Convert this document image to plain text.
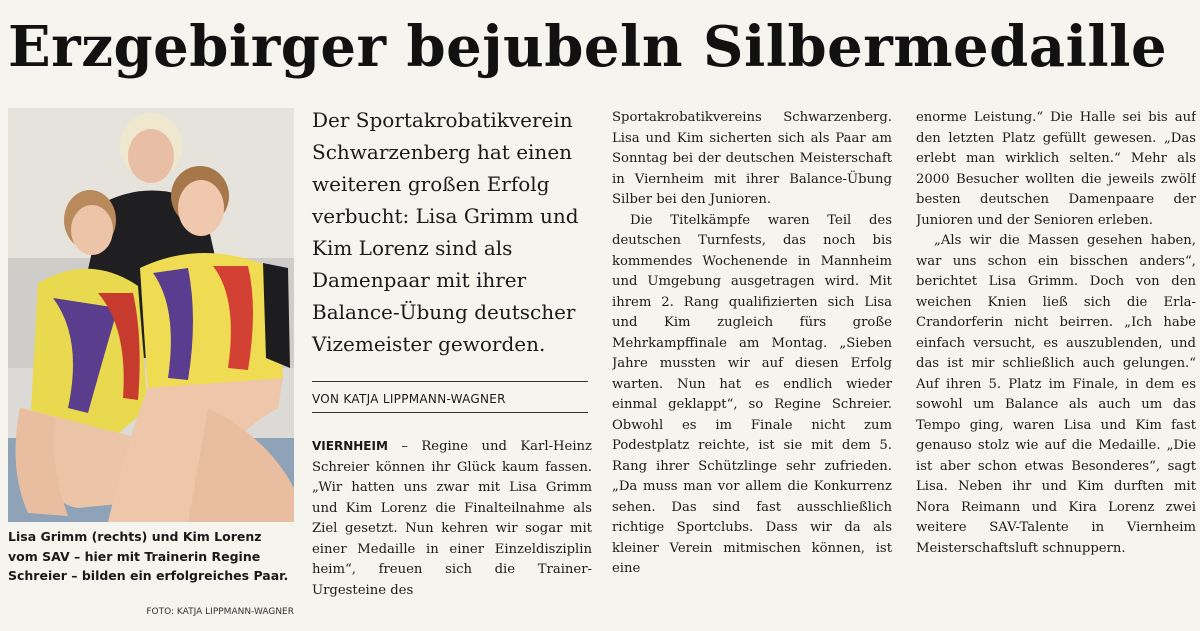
Erzgebirger bejubeln Silbermedaille
Lisa Grimm (rechts) und Kim Lorenz vom SAV – hier mit Trainerin Regine Schreier – bilden ein erfolgreiches Paar.
FOTO: KATJA LIPPMANN-WAGNER
Der Sportakrobatikverein Schwarzenberg hat einen weiteren großen Erfolg verbucht: Lisa Grimm und Kim Lorenz sind als Damenpaar mit ihrer Balance-Übung deutscher Vizemeister geworden.
VON KATJA LIPPMANN-WAGNER

VIERNHEIM – Regine und Karl-Heinz Schreier können ihr Glück kaum fassen. „Wir hatten uns zwar mit Lisa Grimm und Kim Lorenz die Finalteilnahme als Ziel gesetzt. Nun kehren wir sogar mit einer Medaille in einer Einzeldisziplin heim“, freuen sich die Trainer-Urgesteine des

Sportakrobatikvereins Schwarzenberg. Lisa und Kim sicherten sich als Paar am Sonntag bei der deutschen Meisterschaft in Viernheim mit ihrer Balance-Übung Silber bei den Junioren.

Die Titelkämpfe waren Teil des deutschen Turnfests, das noch bis kommendes Wochenende in Mannheim und Umgebung ausgetragen wird. Mit ihrem 2. Rang qualifizierten sich Lisa und Kim zugleich fürs große Mehrkampffinale am Montag. „Sieben Jahre mussten wir auf diesen Erfolg warten. Nun hat es endlich wieder einmal geklappt“, so Regine Schreier. Obwohl es im Finale nicht zum Podestplatz reichte, ist sie mit dem 5. Rang ihrer Schützlinge sehr zufrieden. „Da muss man vor allem die Konkurrenz sehen. Das sind fast ausschließlich richtige Sportclubs. Dass wir da als kleiner Verein mitmischen können, ist eine

enorme Leistung.“ Die Halle sei bis auf den letzten Platz gefüllt gewesen. „Das erlebt man wirklich selten.“ Mehr als 2000 Besucher wollten die jeweils zwölf besten deutschen Damenpaare der Junioren und der Senioren erleben.

„Als wir die Massen gesehen haben, war uns schon ein bisschen anders“, berichtet Lisa Grimm. Doch von den weichen Knien ließ sich die Erla-Crandorferin nicht beirren. „Ich habe einfach versucht, es auszublenden, und das ist mir schließlich auch gelungen.“ Auf ihren 5. Platz im Finale, in dem es sowohl um Balance als auch um das Tempo ging, waren Lisa und Kim fast genauso stolz wie auf die Medaille. „Die ist aber schon etwas Besonderes“, sagt Lisa. Neben ihr und Kim durften mit Nora Reimann und Kira Lorenz zwei weitere SAV-Talente in Viernheim Meisterschaftsluft schnuppern.
